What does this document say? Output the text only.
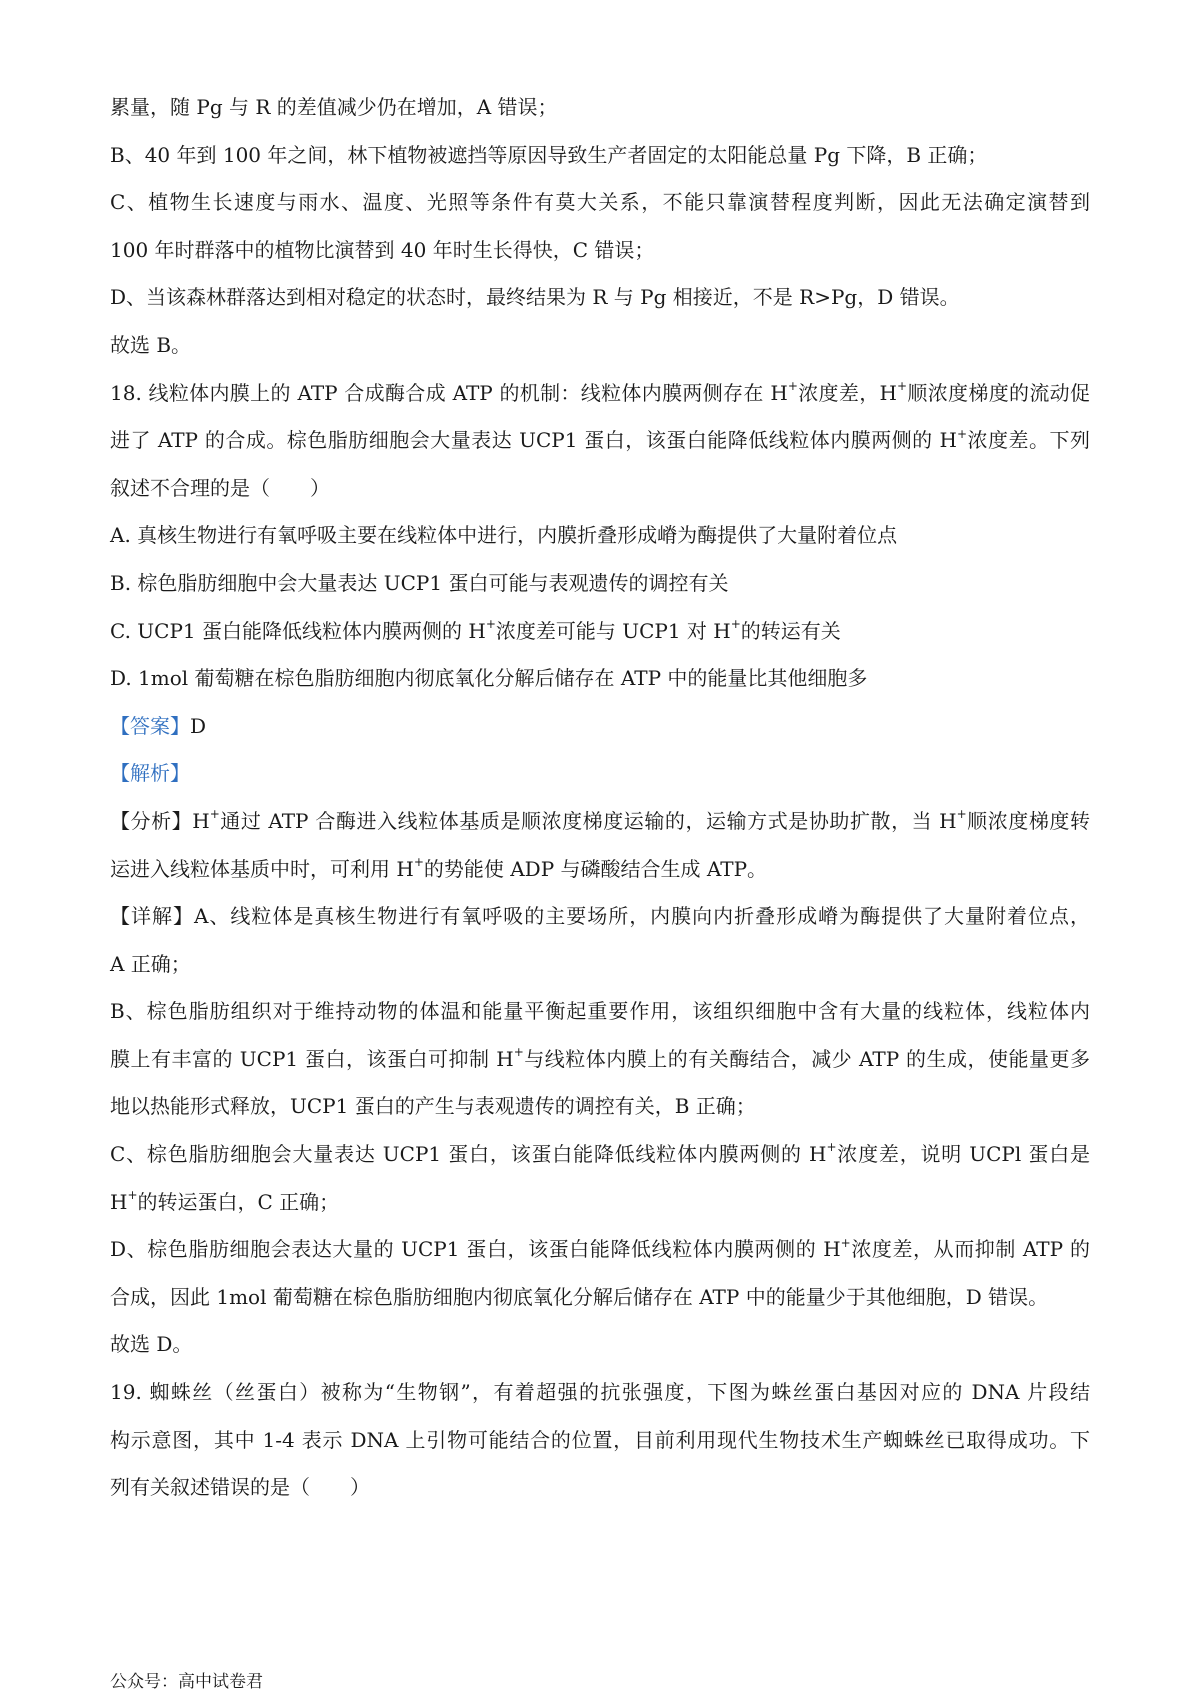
累量，随 Pg 与 R 的差值减少仍在增加，A 错误；
B、40 年到 100 年之间，林下植物被遮挡等原因导致生产者固定的太阳能总量 Pg 下降，B 正确；
C、植物生长速度与雨水、温度、光照等条件有莫大关系，不能只靠演替程度判断，因此无法确定演替到
100 年时群落中的植物比演替到 40 年时生长得快，C 错误；
D、当该森林群落达到相对稳定的状态时，最终结果为 R 与 Pg 相接近，不是 R>Pg，D 错误。
故选 B。
18. 线粒体内膜上的 ATP 合成酶合成 ATP 的机制：线粒体内膜两侧存在 H+浓度差，H+顺浓度梯度的流动促
进了 ATP 的合成。棕色脂肪细胞会大量表达 UCP1 蛋白，该蛋白能降低线粒体内膜两侧的 H+浓度差。下列
叙述不合理的是（　　）
A. 真核生物进行有氧呼吸主要在线粒体中进行，内膜折叠形成嵴为酶提供了大量附着位点
B. 棕色脂肪细胞中会大量表达 UCP1 蛋白可能与表观遗传的调控有关
C. UCP1 蛋白能降低线粒体内膜两侧的 H+浓度差可能与 UCP1 对 H+的转运有关
D. 1mol 葡萄糖在棕色脂肪细胞内彻底氧化分解后储存在 ATP 中的能量比其他细胞多
【答案】D
【解析】
【分析】H+通过 ATP 合酶进入线粒体基质是顺浓度梯度运输的，运输方式是协助扩散，当 H+顺浓度梯度转
运进入线粒体基质中时，可利用 H+的势能使 ADP 与磷酸结合生成 ATP。
【详解】A、线粒体是真核生物进行有氧呼吸的主要场所，内膜向内折叠形成嵴为酶提供了大量附着位点，
A 正确；
B、棕色脂肪组织对于维持动物的体温和能量平衡起重要作用，该组织细胞中含有大量的线粒体，线粒体内
膜上有丰富的 UCP1 蛋白，该蛋白可抑制 H+与线粒体内膜上的有关酶结合，减少 ATP 的生成，使能量更多
地以热能形式释放，UCP1 蛋白的产生与表观遗传的调控有关，B 正确；
C、棕色脂肪细胞会大量表达 UCP1 蛋白，该蛋白能降低线粒体内膜两侧的 H+浓度差，说明 UCPl 蛋白是
H+的转运蛋白，C 正确；
D、棕色脂肪细胞会表达大量的 UCP1 蛋白，该蛋白能降低线粒体内膜两侧的 H+浓度差，从而抑制 ATP 的
合成，因此 1mol 葡萄糖在棕色脂肪细胞内彻底氧化分解后储存在 ATP 中的能量少于其他细胞，D 错误。
故选 D。
19. 蜘蛛丝（丝蛋白）被称为“生物钢”，有着超强的抗张强度，下图为蛛丝蛋白基因对应的 DNA 片段结
构示意图，其中 1-4 表示 DNA 上引物可能结合的位置，目前利用现代生物技术生产蜘蛛丝已取得成功。下
列有关叙述错误的是（　　）
公众号：高中试卷君
